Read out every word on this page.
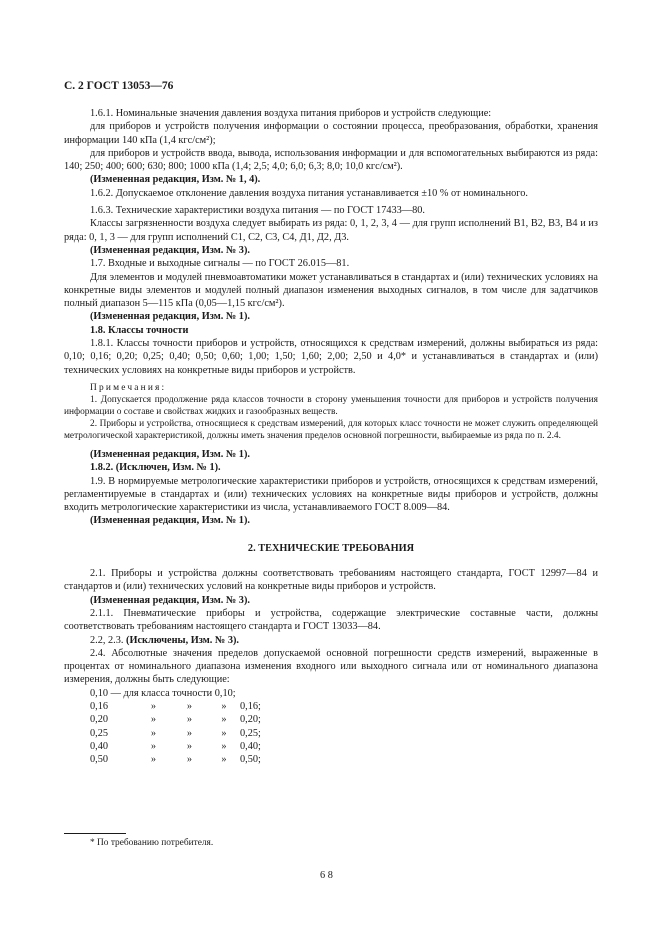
С. 2 ГОСТ 13053—76
1.6.1. Номинальные значения давления воздуха питания приборов и устройств следующие:
для приборов и устройств получения информации о состоянии процесса, преобразования, обработки, хранения информации 140 кПа (1,4 кгс/см²);
для приборов и устройств ввода, вывода, использования информации и для вспомогательных выбираются из ряда: 140; 250; 400; 600; 630; 800; 1000 кПа (1,4; 2,5; 4,0; 6,0; 6,3; 8,0; 10,0 кгс/см²).
(Измененная редакция, Изм. № 1, 4).
1.6.2. Допускаемое отклонение давления воздуха питания устанавливается ±10 % от номинального.
1.6.3. Технические характеристики воздуха питания — по ГОСТ 17433—80.
Классы загрязненности воздуха следует выбирать из ряда: 0, 1, 2, 3, 4 — для групп исполнений В1, В2, В3, В4 и из ряда: 0, 1, 3 — для групп исполнений С1, С2, С3, С4, Д1, Д2, Д3.
(Измененная редакция, Изм. № 3).
1.7. Входные и выходные сигналы — по ГОСТ 26.015—81.
Для элементов и модулей пневмоавтоматики может устанавливаться в стандартах и (или) технических условиях на конкретные виды элементов и модулей полный диапазон изменения выходных сигналов, в том числе для задатчиков полный диапазон 5—115 кПа (0,05—1,15 кгс/см²).
(Измененная редакция, Изм. № 1).
1.8. Классы точности
1.8.1. Классы точности приборов и устройств, относящихся к средствам измерений, должны выбираться из ряда: 0,10; 0,16; 0,20; 0,25; 0,40; 0,50; 0,60; 1,00; 1,50; 1,60; 2,00; 2,50 и 4,0* и устанавливаться в стандартах и (или) технических условиях на конкретные виды приборов и устройств.
Примечания:
1. Допускается продолжение ряда классов точности в сторону уменьшения точности для приборов и устройств получения информации о составе и свойствах жидких и газообразных веществ.
2. Приборы и устройства, относящиеся к средствам измерений, для которых класс точности не может служить определяющей метрологической характеристикой, должны иметь значения пределов основной погрешности, выбираемые из ряда по п. 2.4.
(Измененная редакция, Изм. № 1).
1.8.2. (Исключен, Изм. № 1).
1.9. В нормируемые метрологические характеристики приборов и устройств, относящихся к средствам измерений, регламентируемые в стандартах и (или) технических условиях на конкретные виды приборов и устройств, должны входить метрологические характеристики из числа, устанавливаемого ГОСТ 8.009—84.
(Измененная редакция, Изм. № 1).
2. ТЕХНИЧЕСКИЕ ТРЕБОВАНИЯ
2.1. Приборы и устройства должны соответствовать требованиям настоящего стандарта, ГОСТ 12997—84 и стандартов и (или) технических условий на конкретные виды приборов и устройств.
(Измененная редакция, Изм. № 3).
2.1.1. Пневматические приборы и устройства, содержащие электрические составные части, должны соответствовать требованиям настоящего стандарта и ГОСТ 13033—84.
2.2, 2.3. (Исключены, Изм. № 3).
2.4. Абсолютные значения пределов допускаемой основной погрешности средств измерений, выраженные в процентах от номинального диапазона изменения входного или выходного сигнала или от номинального диапазона измерения, должны быть следующие:
0,10 — для класса точности 0,10;
0,16	»	»	»	0,16;
0,20	»	»	»	0,20;
0,25	»	»	»	0,25;
0,40	»	»	»	0,40;
0,50	»	»	»	0,50;
* По требованию потребителя.
6 8
